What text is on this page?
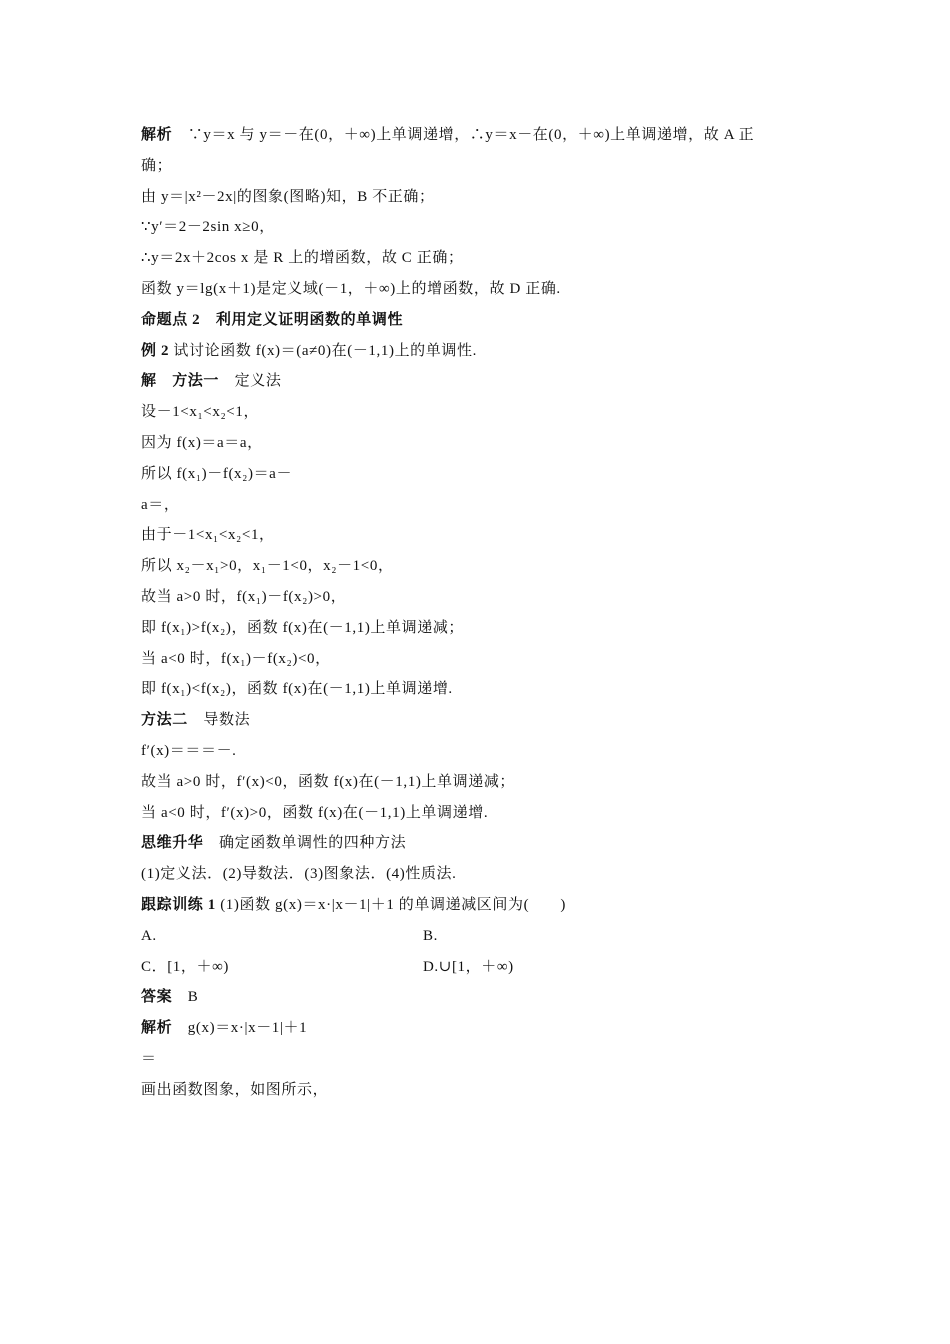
解析　∵y＝x 与 y＝－在(0，＋∞)上单调递增，∴y＝x－在(0，＋∞)上单调递增，故 A 正
确；
由 y＝|x²－2x|的图象(图略)知，B 不正确；
∵y′＝2－2sin x≥0，
∴y＝2x＋2cos x 是 R 上的增函数，故 C 正确；
函数 y＝lg(x＋1)是定义域(－1，＋∞)上的增函数，故 D 正确.
命题点 2　利用定义证明函数的单调性
例 2 试讨论函数 f(x)＝(a≠0)在(－1,1)上的单调性.
解　方法一　定义法
设－1<x₁<x₂<1，
因为 f(x)＝a＝a，
所以 f(x₁)－f(x₂)＝a－
a＝，
由于－1<x₁<x₂<1，
所以 x₂－x₁>0，x₁－1<0，x₂－1<0，
故当 a>0 时，f(x₁)－f(x₂)>0，
即 f(x₁)>f(x₂)，函数 f(x)在(－1,1)上单调递减；
当 a<0 时，f(x₁)－f(x₂)<0，
即 f(x₁)<f(x₂)，函数 f(x)在(－1,1)上单调递增.
方法二　导数法
f′(x)＝＝＝－.
故当 a>0 时，f′(x)<0，函数 f(x)在(－1,1)上单调递减；
当 a<0 时，f′(x)>0，函数 f(x)在(－1,1)上单调递增.
思维升华　确定函数单调性的四种方法
(1)定义法．(2)导数法．(3)图象法．(4)性质法.
跟踪训练 1 (1)函数 g(x)＝x·|x－1|＋1 的单调递减区间为(　　)
A.	B.
C．[1，＋∞)	D.∪[1，＋∞)
答案　B
解析　g(x)＝x·|x－1|＋1
＝
画出函数图象，如图所示，
